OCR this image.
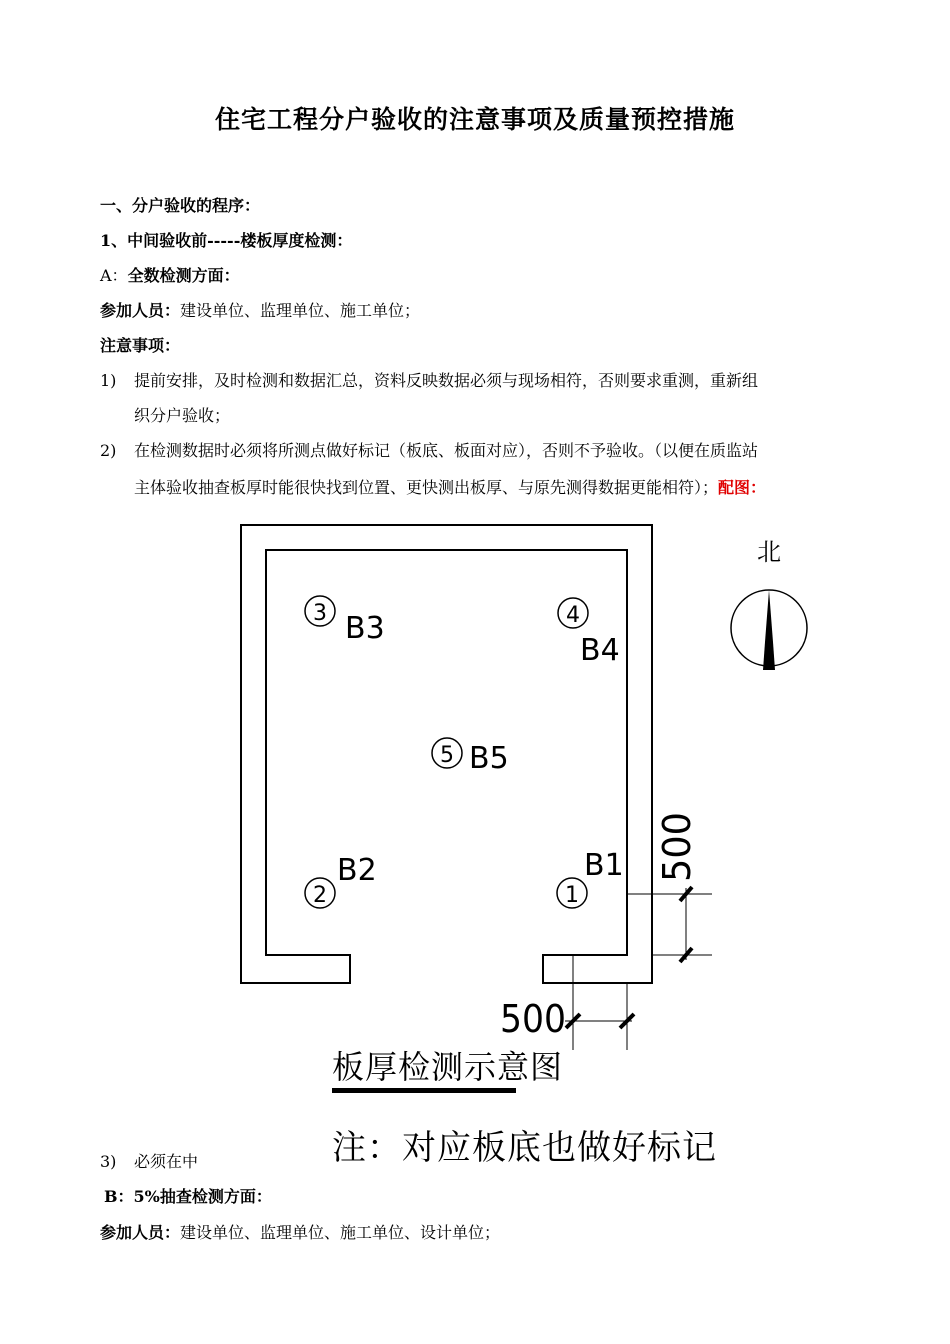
住宅工程分户验收的注意事项及质量预控措施
一、分户验收的程序：
1、中间验收前-----楼板厚度检测：
A：全数检测方面：
参加人员：建设单位、监理单位、施工单位；
注意事项：
1) 提前安排，及时检测和数据汇总，资料反映数据必须与现场相符，否则要求重测，重新组
织分户验收；
2) 在检测数据时必须将所测点做好标记（板底、板面对应），否则不予验收。（以便在质监站
主体验收抽查板厚时能很快找到位置、更快测出板厚、与原先测得数据更能相符）；配图：
500
500
3 B3	4
B4
5 B5
2
B2
1
B1
北
板厚检测示意图
3) 必须在中	注：对应板底也做好标记
B：5%抽查检测方面：
参加人员：建设单位、监理单位、施工单位、设计单位；
